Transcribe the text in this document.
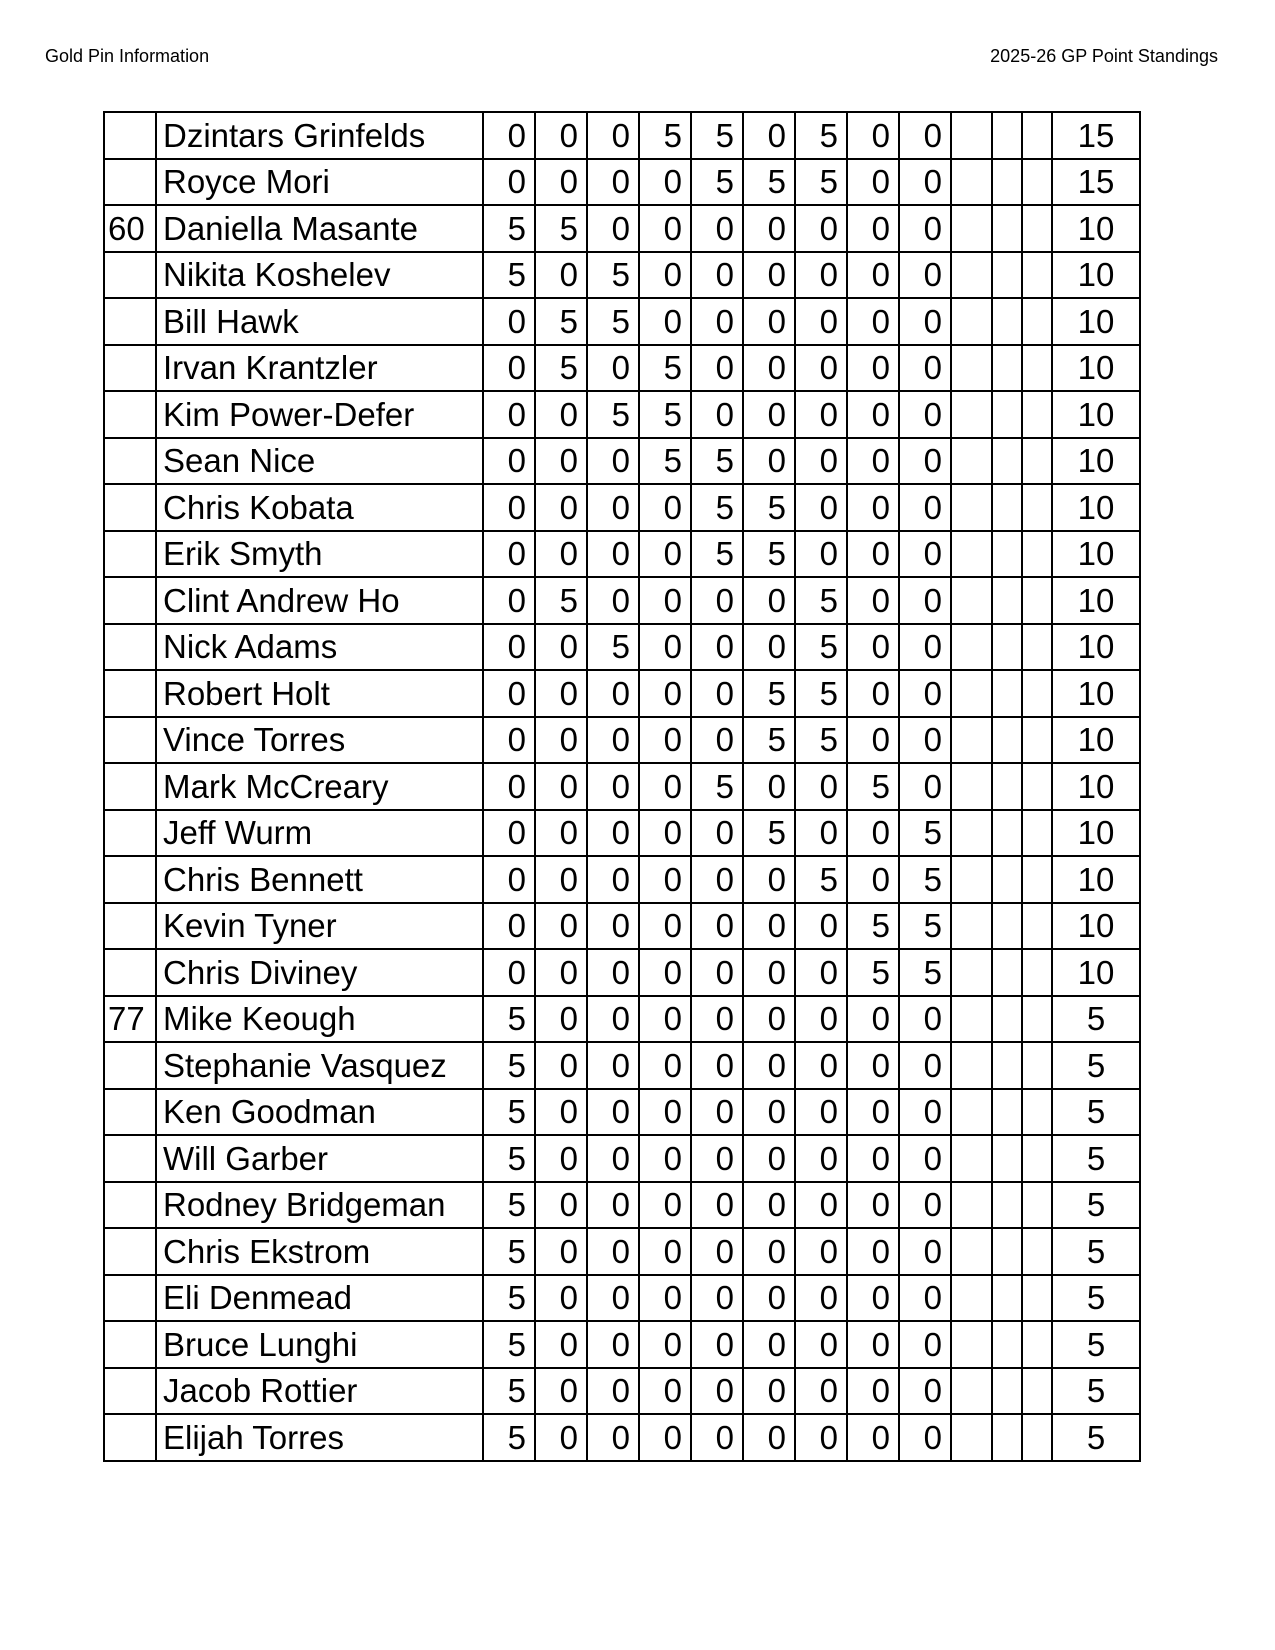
Gold Pin Information	2025-26 GP Point Standings
	Dzintars Grinfelds	0	0	0	5	5	0	5	0	0				15
	Royce Mori	0	0	0	0	5	5	5	0	0				15
60	Daniella Masante	5	5	0	0	0	0	0	0	0				10
	Nikita Koshelev	5	0	5	0	0	0	0	0	0				10
	Bill Hawk	0	5	5	0	0	0	0	0	0				10
	Irvan Krantzler	0	5	0	5	0	0	0	0	0				10
	Kim Power-Defer	0	0	5	5	0	0	0	0	0				10
	Sean Nice	0	0	0	5	5	0	0	0	0				10
	Chris Kobata	0	0	0	0	5	5	0	0	0				10
	Erik Smyth	0	0	0	0	5	5	0	0	0				10
	Clint Andrew Ho	0	5	0	0	0	0	5	0	0				10
	Nick Adams	0	0	5	0	0	0	5	0	0				10
	Robert Holt	0	0	0	0	0	5	5	0	0				10
	Vince Torres	0	0	0	0	0	5	5	0	0				10
	Mark McCreary	0	0	0	0	5	0	0	5	0				10
	Jeff Wurm	0	0	0	0	0	5	0	0	5				10
	Chris Bennett	0	0	0	0	0	0	5	0	5				10
	Kevin Tyner	0	0	0	0	0	0	0	5	5				10
	Chris Diviney	0	0	0	0	0	0	0	5	5				10
77	Mike Keough	5	0	0	0	0	0	0	0	0				5
	Stephanie Vasquez	5	0	0	0	0	0	0	0	0				5
	Ken Goodman	5	0	0	0	0	0	0	0	0				5
	Will Garber	5	0	0	0	0	0	0	0	0				5
	Rodney Bridgeman	5	0	0	0	0	0	0	0	0				5
	Chris Ekstrom	5	0	0	0	0	0	0	0	0				5
	Eli Denmead	5	0	0	0	0	0	0	0	0				5
	Bruce Lunghi	5	0	0	0	0	0	0	0	0				5
	Jacob Rottier	5	0	0	0	0	0	0	0	0				5
	Elijah Torres	5	0	0	0	0	0	0	0	0				5
